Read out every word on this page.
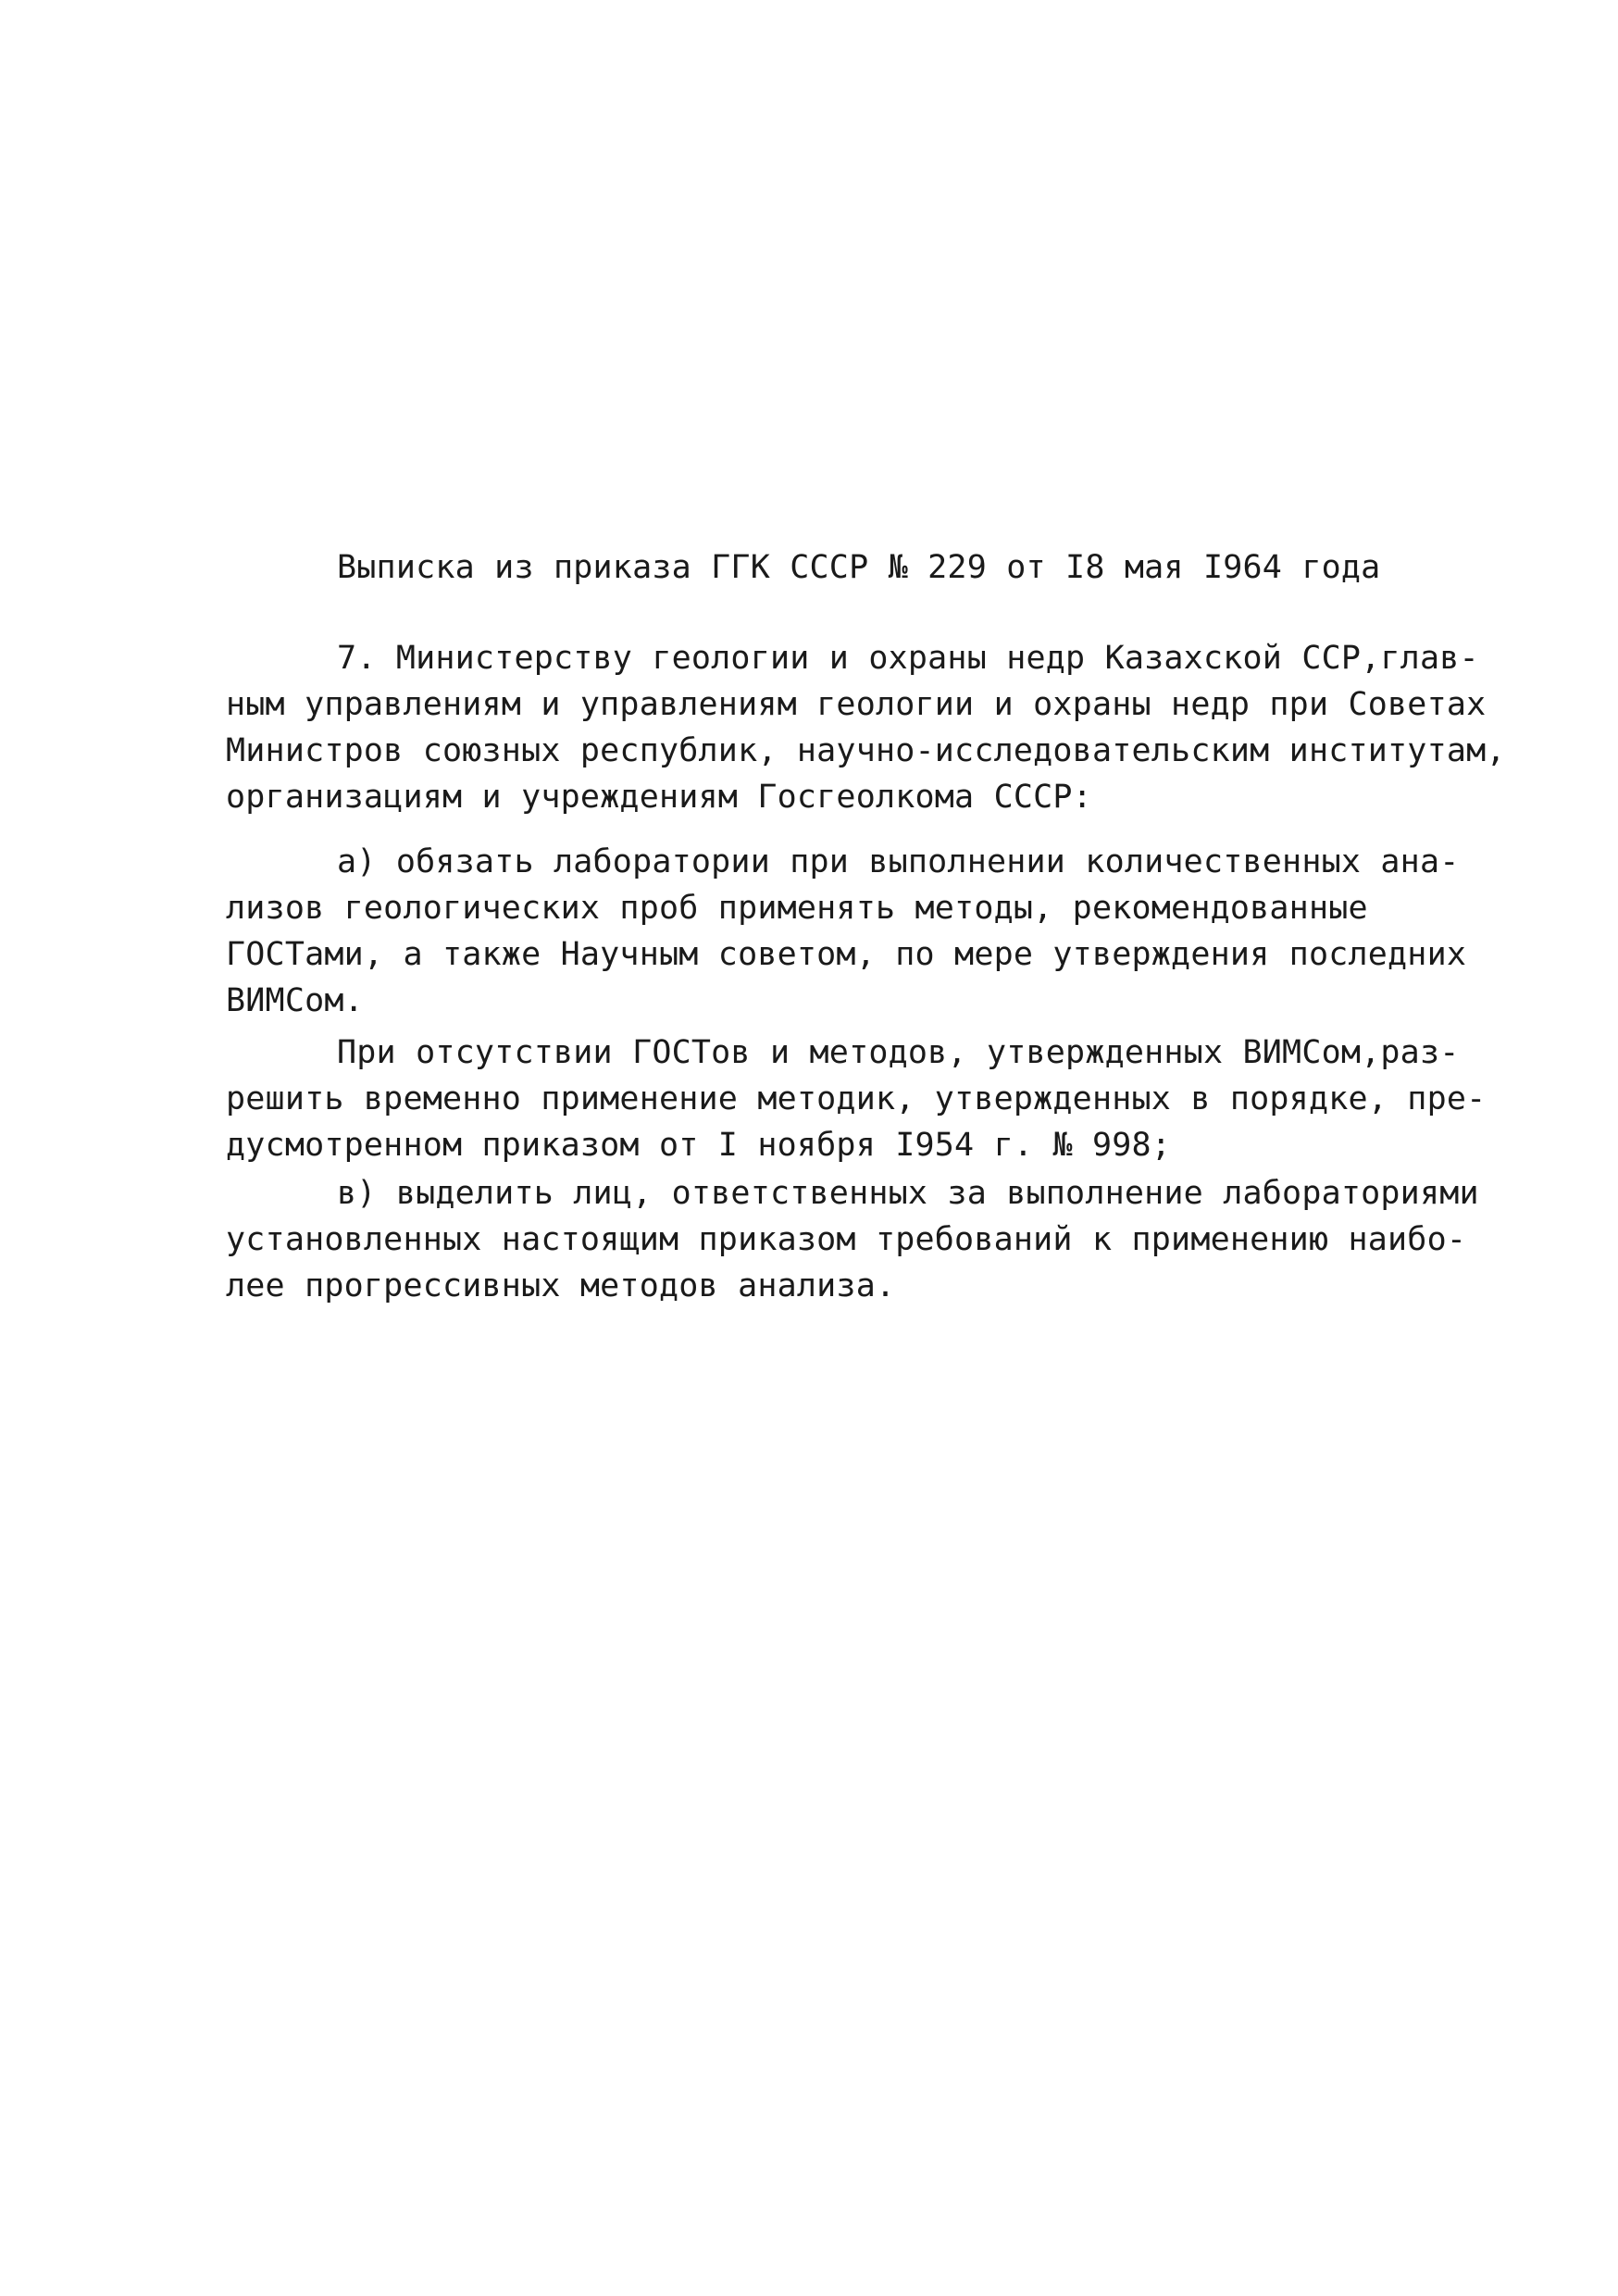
Выписка из приказа ГГК СССР № 229 от I8 мая I964 года
7. Министерству геологии и охраны недр Казахской ССР,глав-
ным управлениям и управлениям геологии и охраны недр при Советах
Министров союзных республик, научно-исследовательским институтам,
организациям и учреждениям Госгеолкома СССР:
а) обязать лаборатории при выполнении количественных ана-
лизов геологических проб применять методы, рекомендованные
ГОСТами, а также Научным советом, по мере утверждения последних
ВИМСом.
При отсутствии ГОСТов и методов, утвержденных ВИМСом,раз-
решить временно применение методик, утвержденных в порядке, пре-
дусмотренном приказом от I ноября I954 г. № 998;
в) выделить лиц, ответственных за выполнение лабораториями
установленных настоящим приказом требований к применению наибо-
лее прогрессивных методов анализа.
